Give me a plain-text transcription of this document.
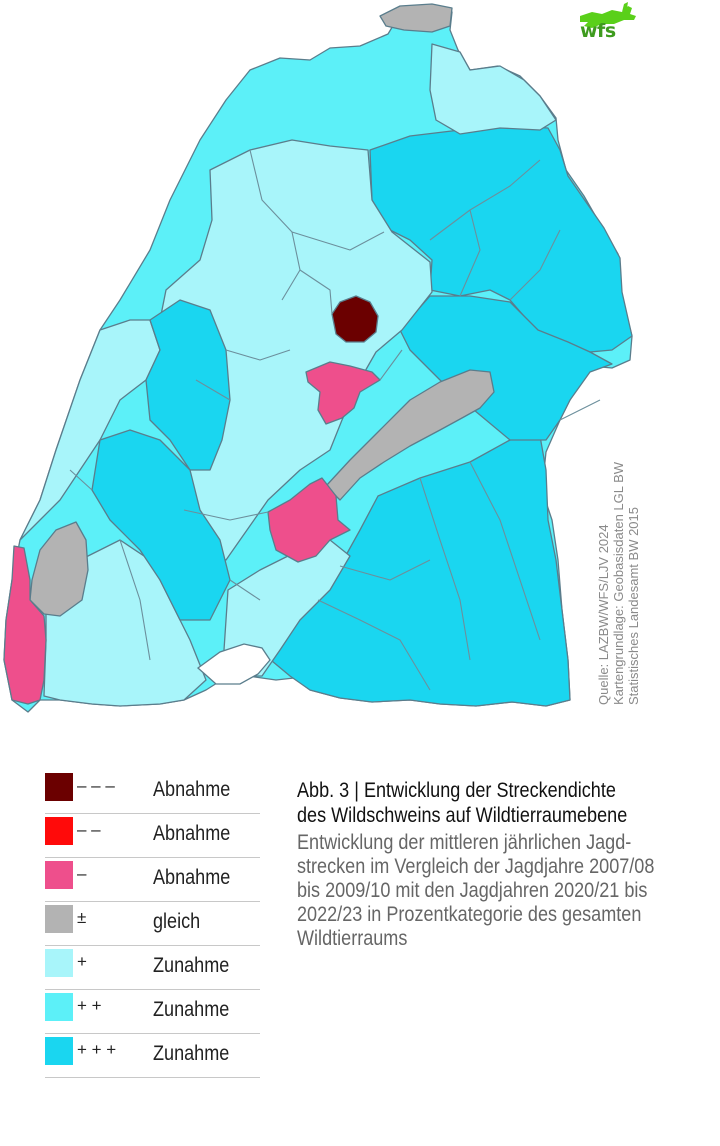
wfs
Quelle: LAZBW/WFS/LJV 2024 Kartengrundlage: Geobasisdaten LGL BW Statistisches Landesamt BW 2015
– – – Abnahme
– – Abnahme
–	Abnahme
±	gleich
+	Zunahme
+ + Zunahme
+ + + Zunahme
Abb. 3 | Entwicklung der Streckendichte
des Wildschweins auf Wildtierraumebene
Entwicklung der mittleren jährlichen Jagd-
strecken im Vergleich der Jagdjahre 2007/08
bis 2009/10 mit den Jagdjahren 2020/21 bis
2022/23 in Prozentkategorie des gesamten
Wildtierraums
